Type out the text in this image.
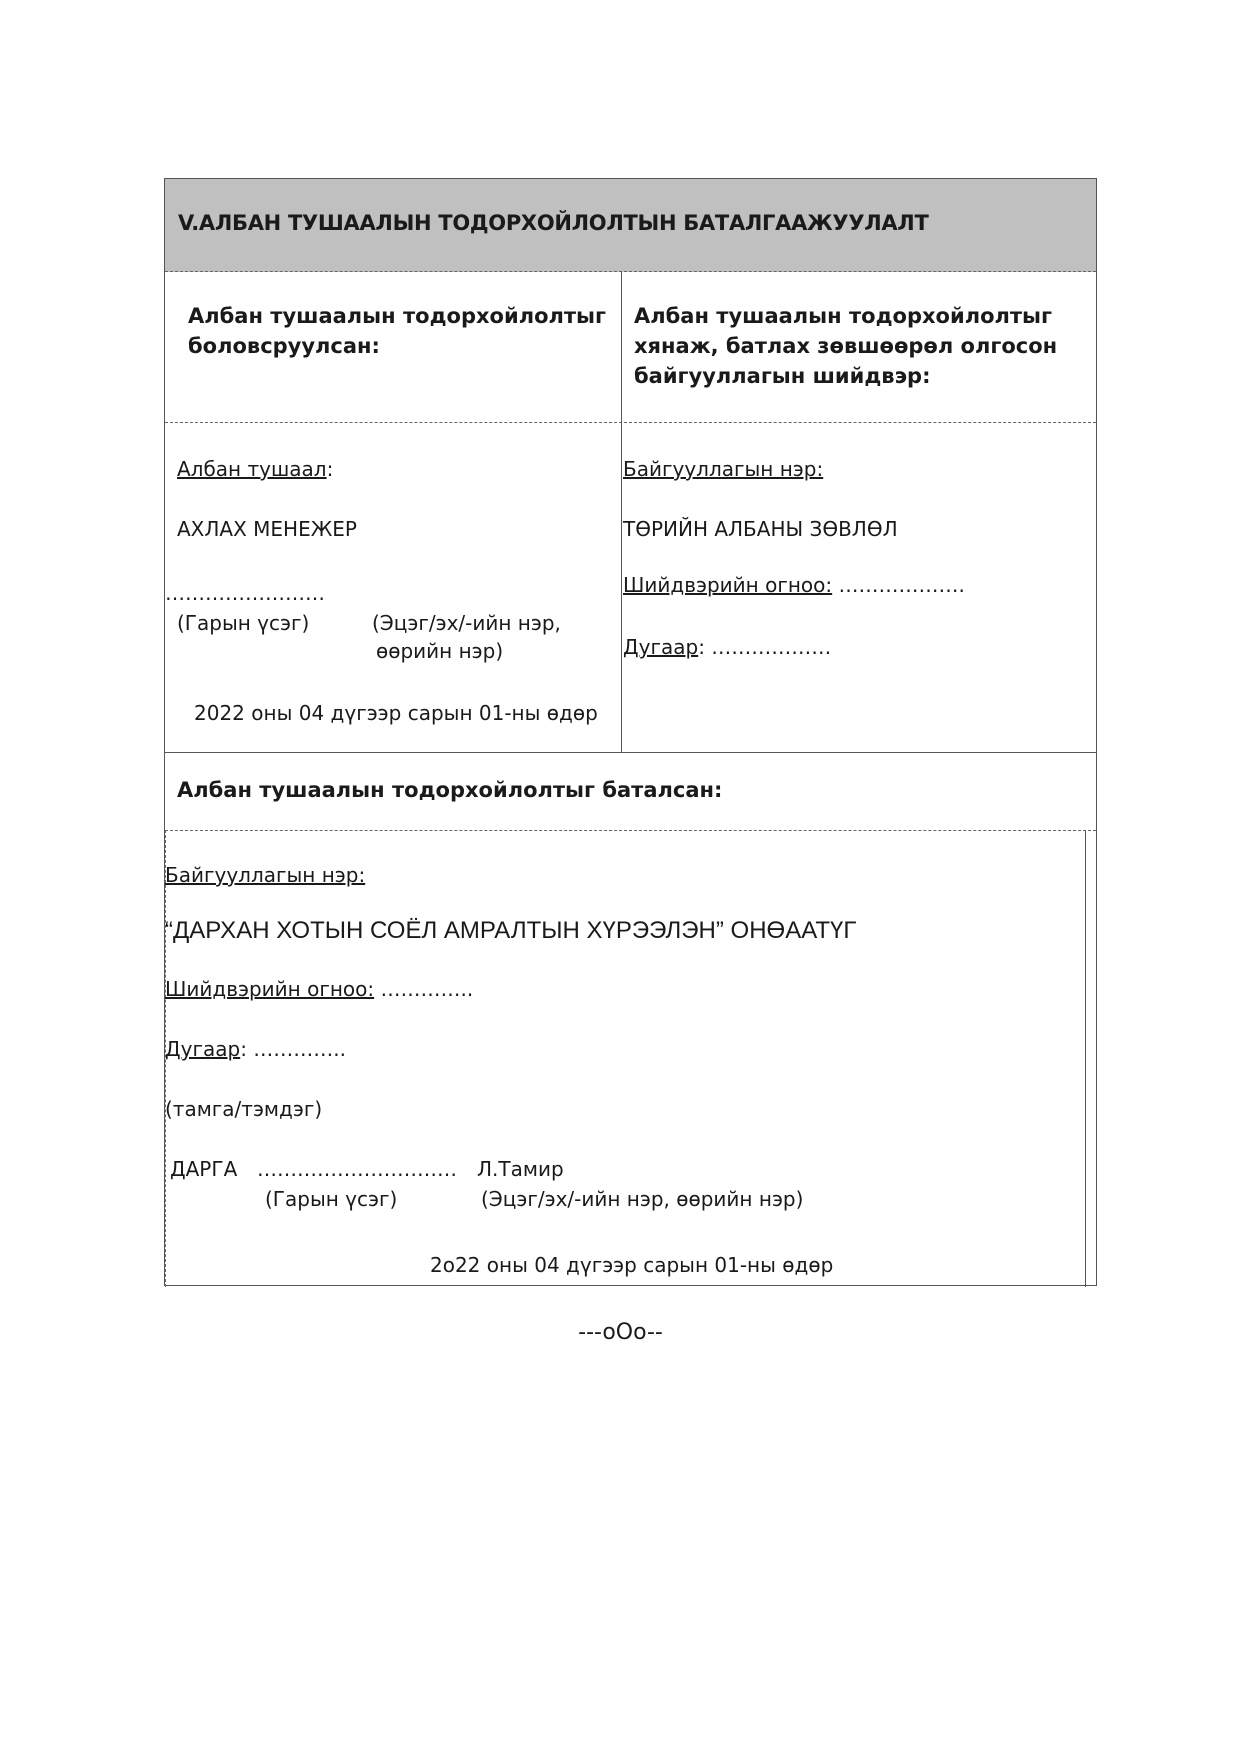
V.АЛБАН ТУШААЛЫН ТОДОРХОЙЛОЛТЫН БАТАЛГААЖУУЛАЛТ
Албан тушаалын тодорхойлолтыг
боловсруулсан:
Албан тушаал:
АХЛАХ МЕНЕЖЕР
……………………
(Гарын үсэг)	(Эцэг/эх/-ийн нэр,
өөрийн нэр)
2022 оны 04 дүгээр сарын 01-ны өдөр
Албан тушаалын тодорхойлолтыг
хянаж, батлах зөвшөөрөл олгосон
байгууллагын шийдвэр:
Байгууллагын нэр:
ТӨРИЙН АЛБАНЫ ЗӨВЛӨЛ
Шийдвэрийн огноо: ……………….
Дугаар: ………………
Албан тушаалын тодорхойлолтыг баталсан:
Байгууллагын нэр:
“ДАРХАН ХОТЫН СОЁЛ АМРАЛТЫН ХҮРЭЭЛЭН” ОНӨААТҮГ
Шийдвэрийн огноо: …………..
Дугаар: …………..
(тамга/тэмдэг)
ДАРГА ………………………… Л.Тамир
(Гарын үсэг)	(Эцэг/эх/-ийн нэр, өөрийн нэр)
2o22 оны 04 дүгээр сарын 01-ны өдөр
---oOo--
